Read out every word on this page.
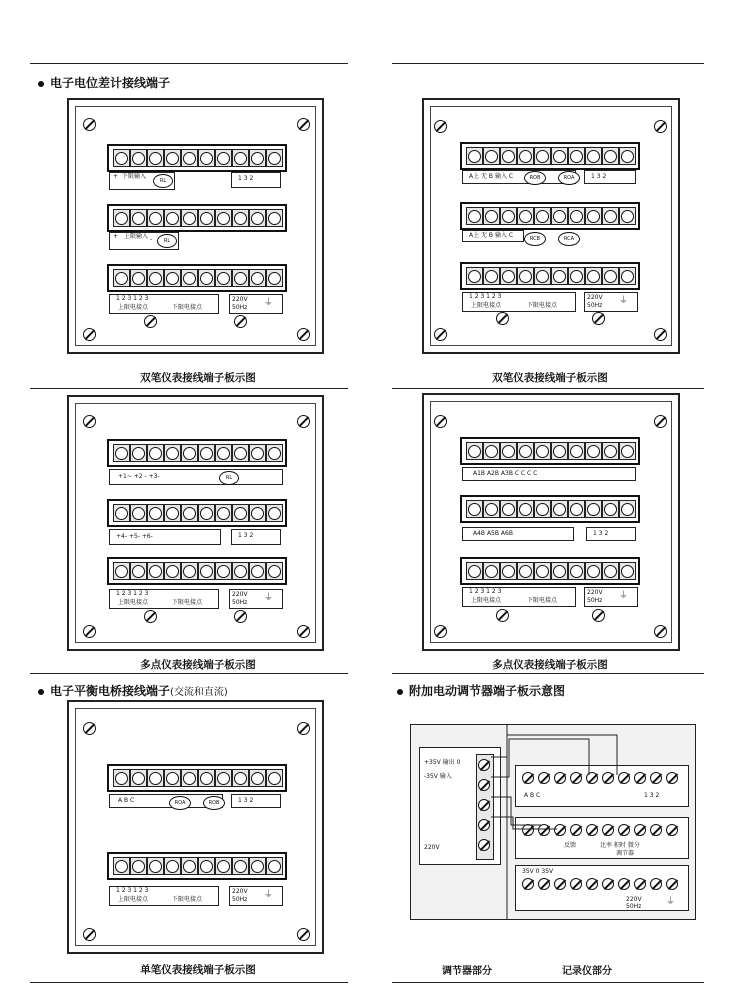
电子电位差计接线端子
电子平衡电桥接线端子(交流和直流)	附加电动调节器端子板示意图
+ 下限输入
RL	1 3 2
+ 上限输入 -	RL
1 2 3 1 2 3
上限电接点	下限电接点
220V 50Hz	⏚
A上 无 B 输入 C	ROB	ROA	1 3 2
A上 无 B 输入 C	RCB	RCA
1 2 3 1 2 3
上限电接点	下限电接点
220V 50Hz	⏚
双笔仪表接线端子板示图	双笔仪表接线端子板示图
+1~ +2 - +3-	RL
+4- +5- +6-	1 3 2
1 2 3 1 2 3
上限电接点	下限电接点
220V 50Hz	⏚
A1B A2B A3B C C C C
A4B A5B A6B	1 3 2
1 2 3 1 2 3
上限电接点	下限电接点
220V 50Hz	⏚
多点仪表接线端子板示图	多点仪表接线端子板示图
A B C	ROA	ROB	1 3 2
1 2 3 1 2 3
上限电接点	下限电接点
220V 50Hz	⏚
单笔仪表接线端子板示图
+35V 输出 0 -35V 输入
220V
A B C	1 3 2
反馈	比率 积时 微分
调节器
35V 0 35V
220V 50Hz	⏚
调节器部分	记录仪部分
